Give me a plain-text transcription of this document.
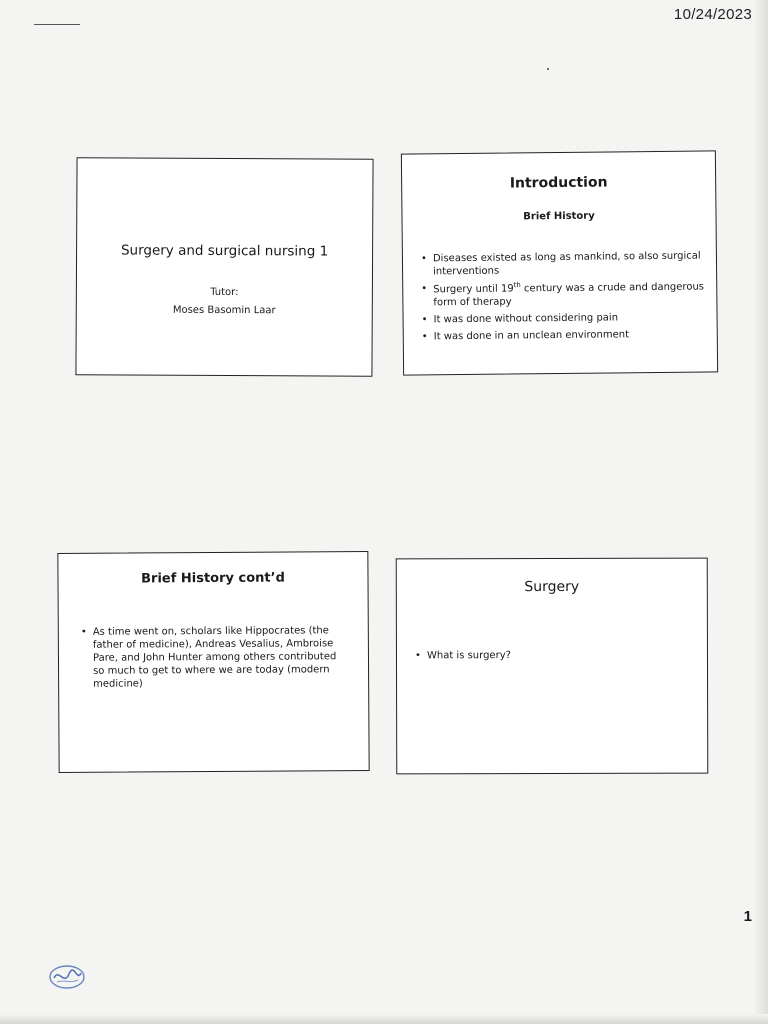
10/24/2023
Surgery and surgical nursing 1
Tutor:
Moses Basomin Laar
Introduction
Brief History
• Diseases existed as long as mankind, so also surgical interventions
• Surgery until 19th century was a crude and dangerous form of therapy
• It was done without considering pain
• It was done in an unclean environment
Brief History cont’d
• As time went on, scholars like Hippocrates (the father of medicine), Andreas Vesalius, Ambroise Pare, and John Hunter among others contributed so much to get to where we are today (modern medicine)
Surgery
• What is surgery?
1
